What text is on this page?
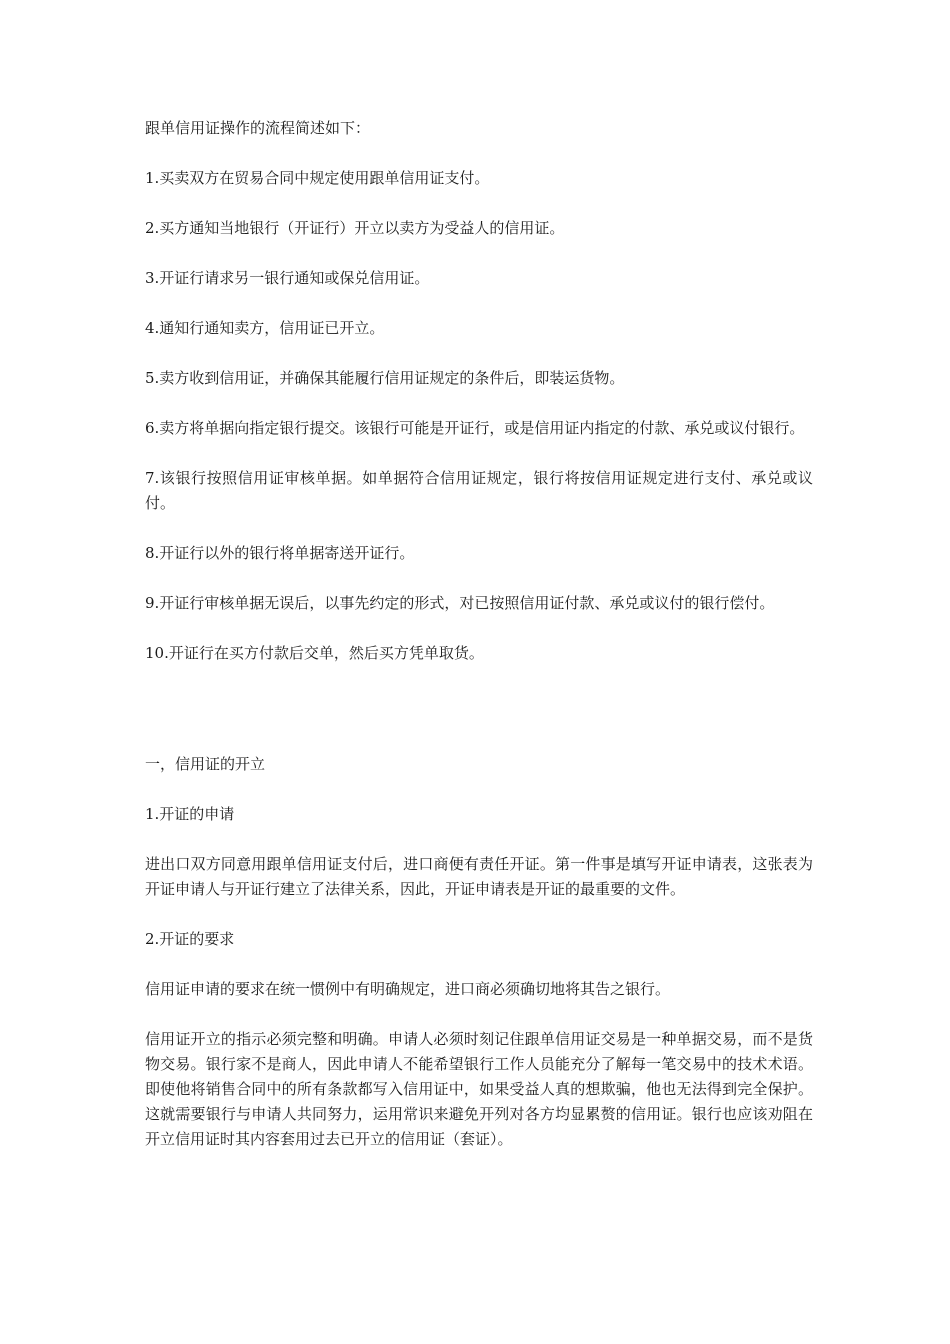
跟单信用证操作的流程简述如下：

1.买卖双方在贸易合同中规定使用跟单信用证支付。

2.买方通知当地银行（开证行）开立以卖方为受益人的信用证。

3.开证行请求另一银行通知或保兑信用证。

4.通知行通知卖方，信用证已开立。

5.卖方收到信用证，并确保其能履行信用证规定的条件后，即装运货物。

6.卖方将单据向指定银行提交。该银行可能是开证行，或是信用证内指定的付款、承兑或议付银行。

7.该银行按照信用证审核单据。如单据符合信用证规定，银行将按信用证规定进行支付、承兑或议付。

8.开证行以外的银行将单据寄送开证行。

9.开证行审核单据无误后，以事先约定的形式，对已按照信用证付款、承兑或议付的银行偿付。

10.开证行在买方付款后交单，然后买方凭单取货。

一，信用证的开立

1.开证的申请

进出口双方同意用跟单信用证支付后，进口商便有责任开证。第一件事是填写开证申请表，这张表为开证申请人与开证行建立了法律关系，因此，开证申请表是开证的最重要的文件。

2.开证的要求

信用证申请的要求在统一惯例中有明确规定，进口商必须确切地将其告之银行。

信用证开立的指示必须完整和明确。申请人必须时刻记住跟单信用证交易是一种单据交易，而不是货物交易。银行家不是商人，因此申请人不能希望银行工作人员能充分了解每一笔交易中的技术术语。即使他将销售合同中的所有条款都写入信用证中，如果受益人真的想欺骗，他也无法得到完全保护。这就需要银行与申请人共同努力，运用常识来避免开列对各方均显累赘的信用证。银行也应该劝阻在开立信用证时其内容套用过去已开立的信用证（套证）。
